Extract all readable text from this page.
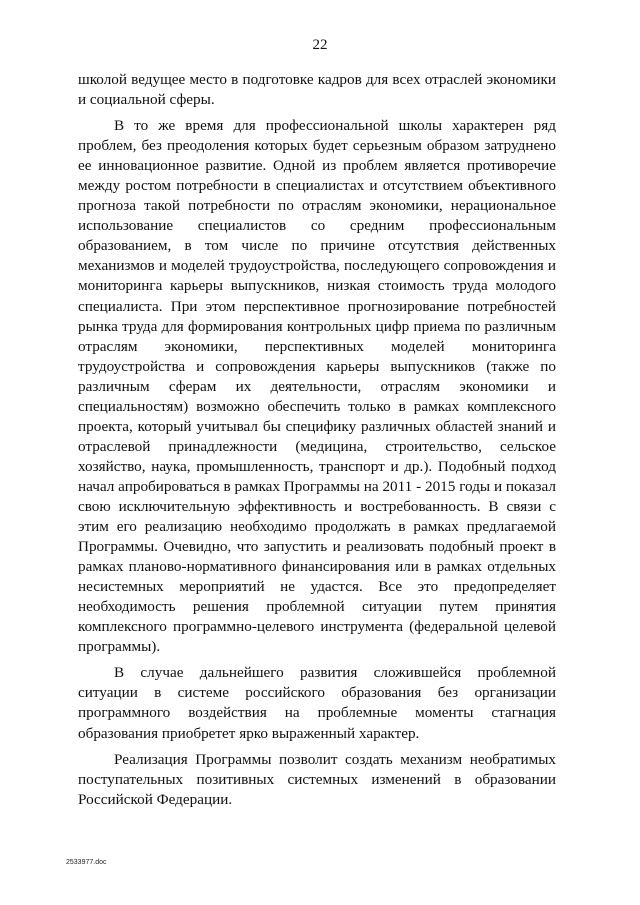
22

школой ведущее место в подготовке кадров для всех отраслей экономики и социальной сферы.

В то же время для профессиональной школы характерен ряд проблем, без преодоления которых будет серьезным образом затруднено ее инновационное развитие. Одной из проблем является противоречие между ростом потребности в специалистах и отсутствием объективного прогноза такой потребности по отраслям экономики, нерациональное использование специалистов со средним профессиональным образованием, в том числе по причине отсутствия действенных механизмов и моделей трудоустройства, последующего сопровождения и мониторинга карьеры выпускников, низкая стоимость труда молодого специалиста. При этом перспективное прогнозирование потребностей рынка труда для формирования контрольных цифр приема по различным отраслям экономики, перспективных моделей мониторинга трудоустройства и сопровождения карьеры выпускников (также по различным сферам их деятельности, отраслям экономики и специальностям) возможно обеспечить только в рамках комплексного проекта, который учитывал бы специфику различных областей знаний и отраслевой принадлежности (медицина, строительство, сельское хозяйство, наука, промышленность, транспорт и др.). Подобный подход начал апробироваться в рамках Программы на 2011 - 2015 годы и показал свою исключительную эффективность и востребованность. В связи с этим его реализацию необходимо продолжать в рамках предлагаемой Программы. Очевидно, что запустить и реализовать подобный проект в рамках планово-нормативного финансирования или в рамках отдельных несистемных мероприятий не удастся. Все это предопределяет необходимость решения проблемной ситуации путем принятия комплексного программно-целевого инструмента (федеральной целевой программы).

В случае дальнейшего развития сложившейся проблемной ситуации в системе российского образования без организации программного воздействия на проблемные моменты стагнация образования приобретет ярко выраженный характер.

Реализация Программы позволит создать механизм необратимых поступательных позитивных системных изменений в образовании Российской Федерации.

2533977.doc
